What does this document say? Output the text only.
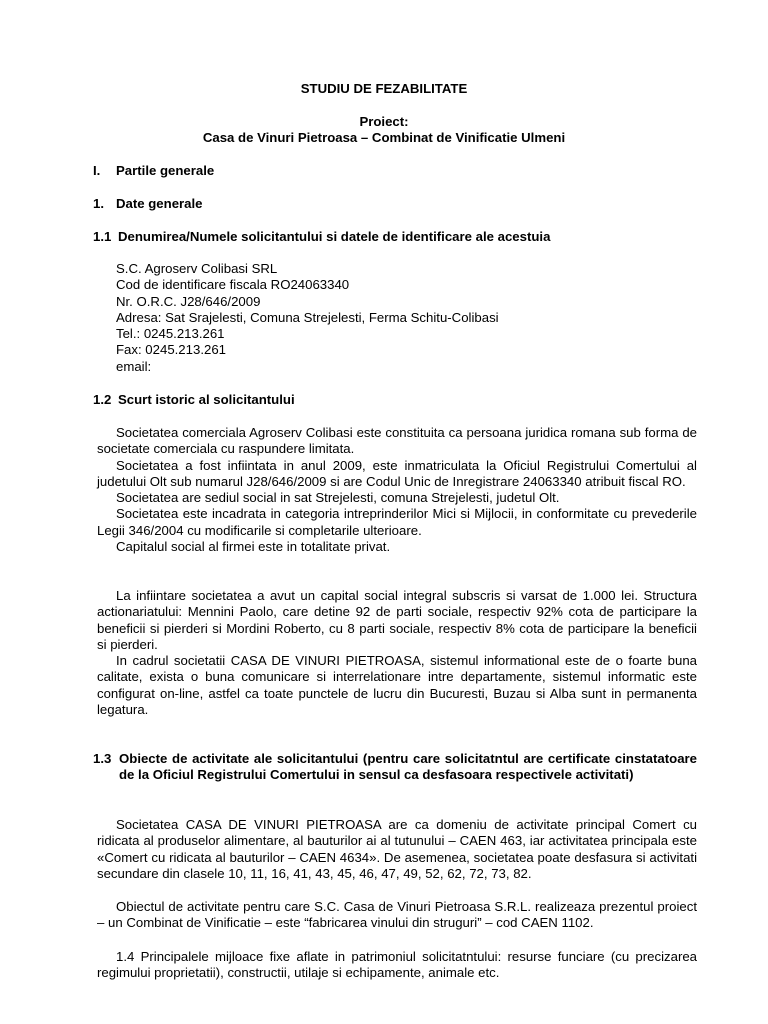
STUDIU DE FEZABILITATE
Proiect:
Casa de Vinuri Pietroasa – Combinat de Vinificatie Ulmeni
I. Partile generale
1. Date generale
1.1 Denumirea/Numele solicitantului si datele de identificare ale acestuia
S.C. Agroserv Colibasi SRL
Cod de identificare fiscala RO24063340
Nr. O.R.C. J28/646/2009
Adresa: Sat Srajelesti, Comuna Strejelesti, Ferma Schitu-Colibasi
Tel.: 0245.213.261
Fax: 0245.213.261
email:
1.2 Scurt istoric al solicitantului

Societatea comerciala Agroserv Colibasi este constituita ca persoana juridica romana sub forma de societate comerciala cu raspundere limitata.

Societatea a fost infiintata in anul 2009, este inmatriculata la Oficiul Registrului Comertului al judetului Olt sub numarul J28/646/2009 si are Codul Unic de Inregistrare 24063340 atribuit fiscal RO.

Societatea are sediul social in sat Strejelesti, comuna Strejelesti, judetul Olt.

Societatea este incadrata in categoria intreprinderilor Mici si Mijlocii, in conformitate cu prevederile Legii 346/2004 cu modificarile si completarile ulterioare.

Capitalul social al firmei este in totalitate privat.

La infiintare societatea a avut un capital social integral subscris si varsat de 1.000 lei. Structura actionariatului: Mennini Paolo, care detine 92 de parti sociale, respectiv 92% cota de participare la beneficii si pierderi si Mordini Roberto, cu 8 parti sociale, respectiv 8% cota de participare la beneficii si pierderi.

In cadrul societatii CASA DE VINURI PIETROASA, sistemul informational este de o foarte buna calitate, exista o buna comunicare si interrelationare intre departamente, sistemul informatic este configurat on-line, astfel ca toate punctele de lucru din Bucuresti, Buzau si Alba sunt in permanenta legatura.

1.3 Obiecte de activitate ale solicitantului (pentru care solicitatntul are certificate cinstatatoare de la Oficiul Registrului Comertului in sensul ca desfasoara respectivele activitati)

Societatea CASA DE VINURI PIETROASA are ca domeniu de activitate principal Comert cu ridicata al produselor alimentare, al bauturilor ai al tutunului – CAEN 463, iar activitatea principala este «Comert cu ridicata al bauturilor – CAEN 4634». De asemenea, societatea poate desfasura si activitati secundare din clasele 10, 11, 16, 41, 43, 45, 46, 47, 49, 52, 62, 72, 73, 82.

Obiectul de activitate pentru care S.C. Casa de Vinuri Pietroasa S.R.L. realizeaza prezentul proiect – un Combinat de Vinificatie – este “fabricarea vinului din struguri” – cod CAEN 1102.

1.4 Principalele mijloace fixe aflate in patrimoniul solicitatntului: resurse funciare (cu precizarea regimului proprietatii), constructii, utilaje si echipamente, animale etc.
